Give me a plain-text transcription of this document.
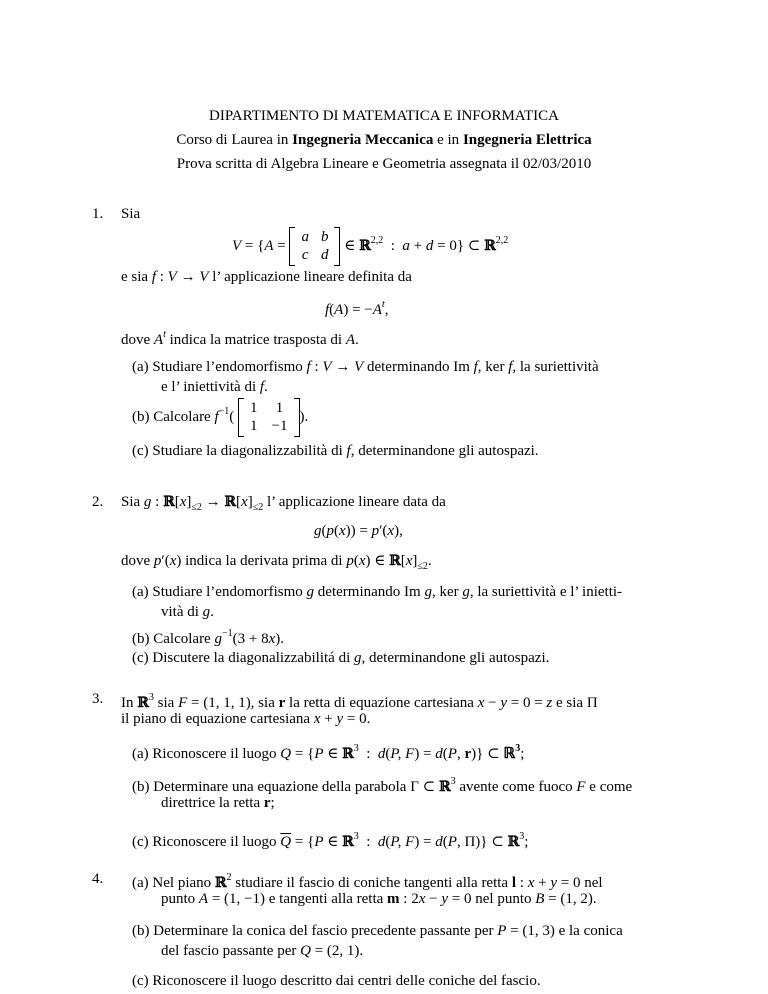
DIPARTIMENTO DI MATEMATICA E INFORMATICA
Corso di Laurea in Ingegneria Meccanica e in Ingegneria Elettrica
Prova scritta di Algebra Lineare e Geometria assegnata il 02/03/2010
1. Sia
V = {A =
a b
c d
∈ ℝ$^{2,2}$  :  a + d = 0} ⊂ ℝ$^{2,2}$
e sia f : V → V l’ applicazione lineare definita da
$f(A) = -A^t$,
dove $A^t$ indica la matrice trasposta di A.
(a) Studiare l’endomorfismo f : V → V determinando Im f, ker f, la suriettività
e l’ iniettività di f.
(b) Calcolare $f^{-1}$(
1 1
1 −1
).
(c) Studiare la diagonalizzabilità di f, determinandone gli autospazi.
2. Sia g : $ℝ[x]_{\le 2}$ → $ℝ[x]_{\le 2}$ l’ applicazione lineare data da
g(p(x)) = p′(x),
dove p′(x) indica la derivata prima di p(x) ∈ $ℝ[x]_{\le 2}$.
(a) Studiare l’endomorfismo g determinando Im g, ker g, la suriettività e l’ inietti-
vità di g.
(b) Calcolare $g^{-1}(3 + 8x)$.
(c) Discutere la diagonalizzabilitá di g, determinandone gli autospazi.
3. In ℝ$^3$ sia F = (1, 1, 1), sia r la retta di equazione cartesiana x − y = 0 = z e sia Π
il piano di equazione cartesiana x + y = 0.
(a) Riconoscere il luogo Q = {P ∈ ℝ$^3$  :  d(P, F) = d(P, r)} ⊂ ℝ$^3$;
(b) Determinare una equazione della parabola Γ ⊂ ℝ$^3$ avente come fuoco F e come
direttrice la retta r;
(c) Riconoscere il luogo $\overline{Q} = \{P$ ∈ ℝ$^3$  :  d(P, F) = d(P, Π)} ⊂ ℝ$^3$;
4. (a) Nel piano ℝ$^2$ studiare il fascio di coniche tangenti alla retta l : x + y = 0 nel
punto A = (1, −1) e tangenti alla retta m : 2x − y = 0 nel punto B = (1, 2).
(b) Determinare la conica del fascio precedente passante per P = (1, 3) e la conica
del fascio passante per Q = (2, 1).
(c) Riconoscere il luogo descritto dai centri delle coniche del fascio.
